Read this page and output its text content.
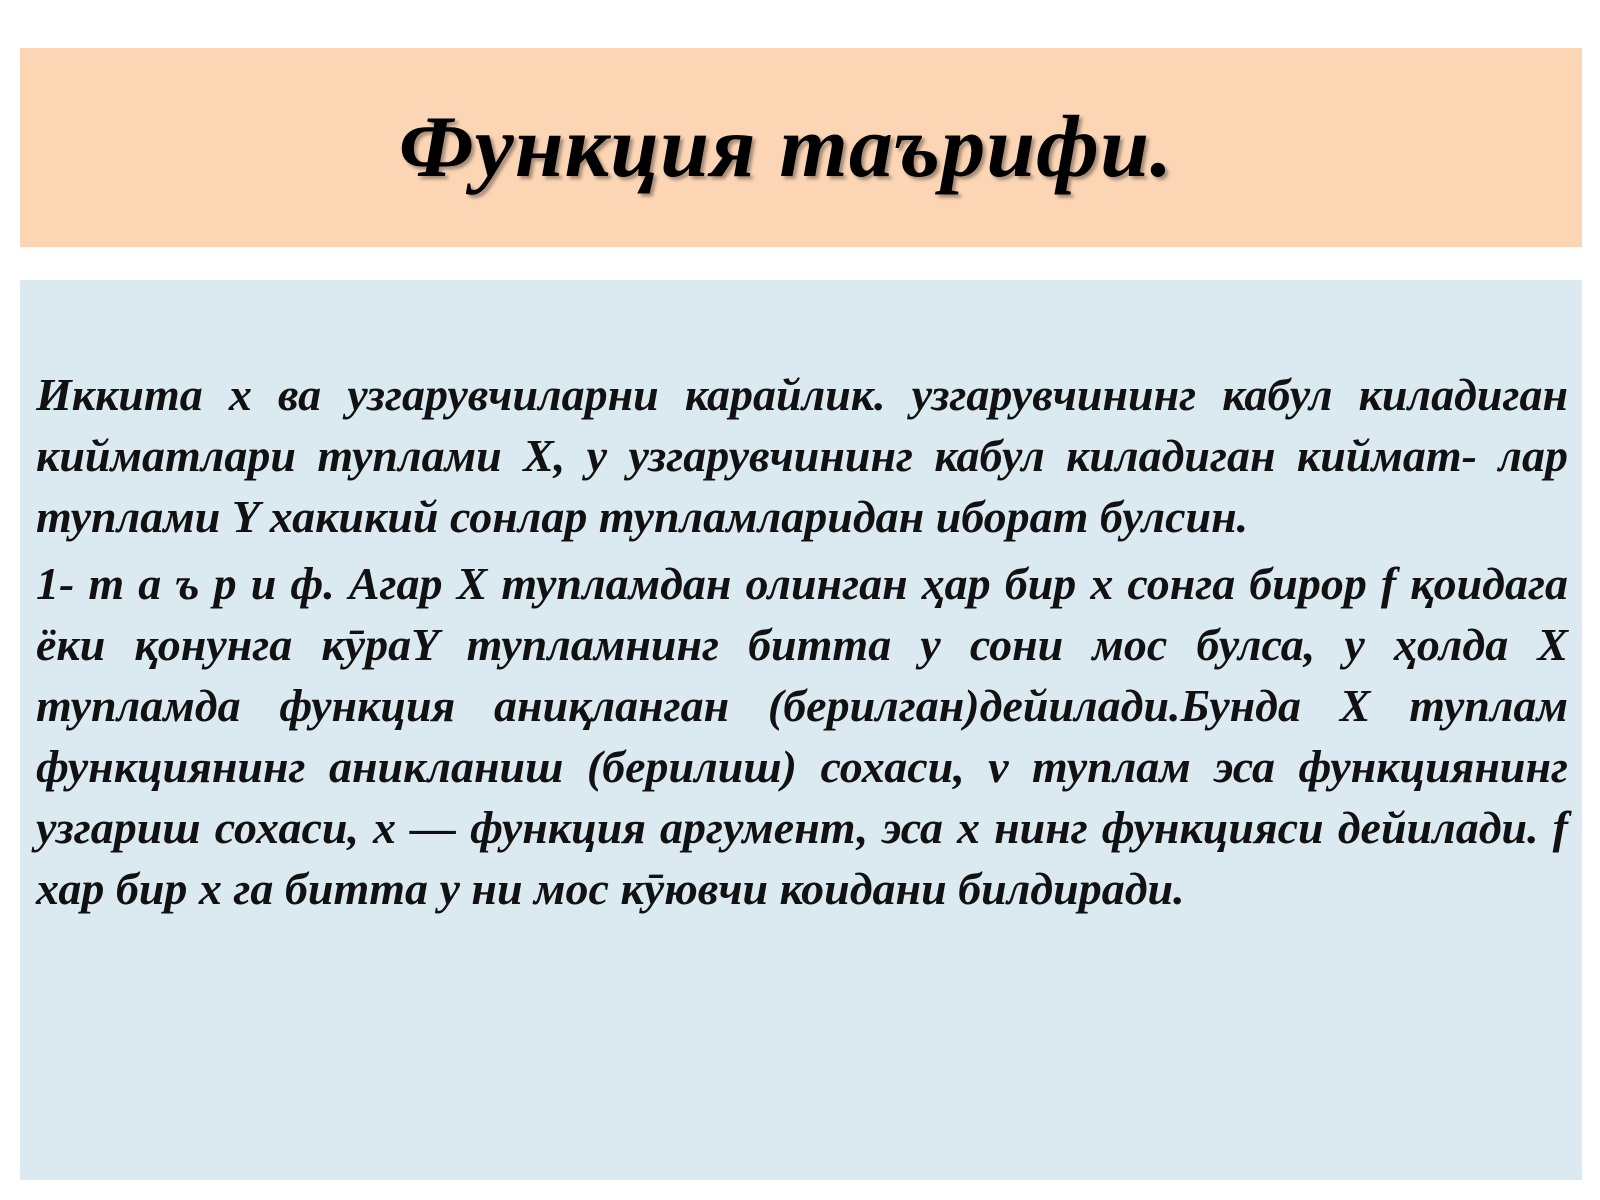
Функция таърифи.

Иккита х ва узгарувчиларни карайлик. узгарувчининг кабул киладиган кийматлари туплами X, у узгарувчининг кабул киладиган киймат- лар туплами Y хакикий сонлар тупламларидан иборат булсин.

1- т а ъ р и ф. Агар X тупламдан олинган ҳар бир х сонга бирор f қоидага ёки қонунга кӯраY тупламнинг битта у сони мос булса, у ҳолда X тупламда функция аниқланган (берилган)дейилади.Бунда X туплам функциянинг аникланиш (берилиш) сохаси, v туплам эса функциянинг узгариш сохаси, х — функция аргумент, эса х нинг функцияси дейилади. f хар бир х га битта у ни мос кӯювчи коидани билдиради.
